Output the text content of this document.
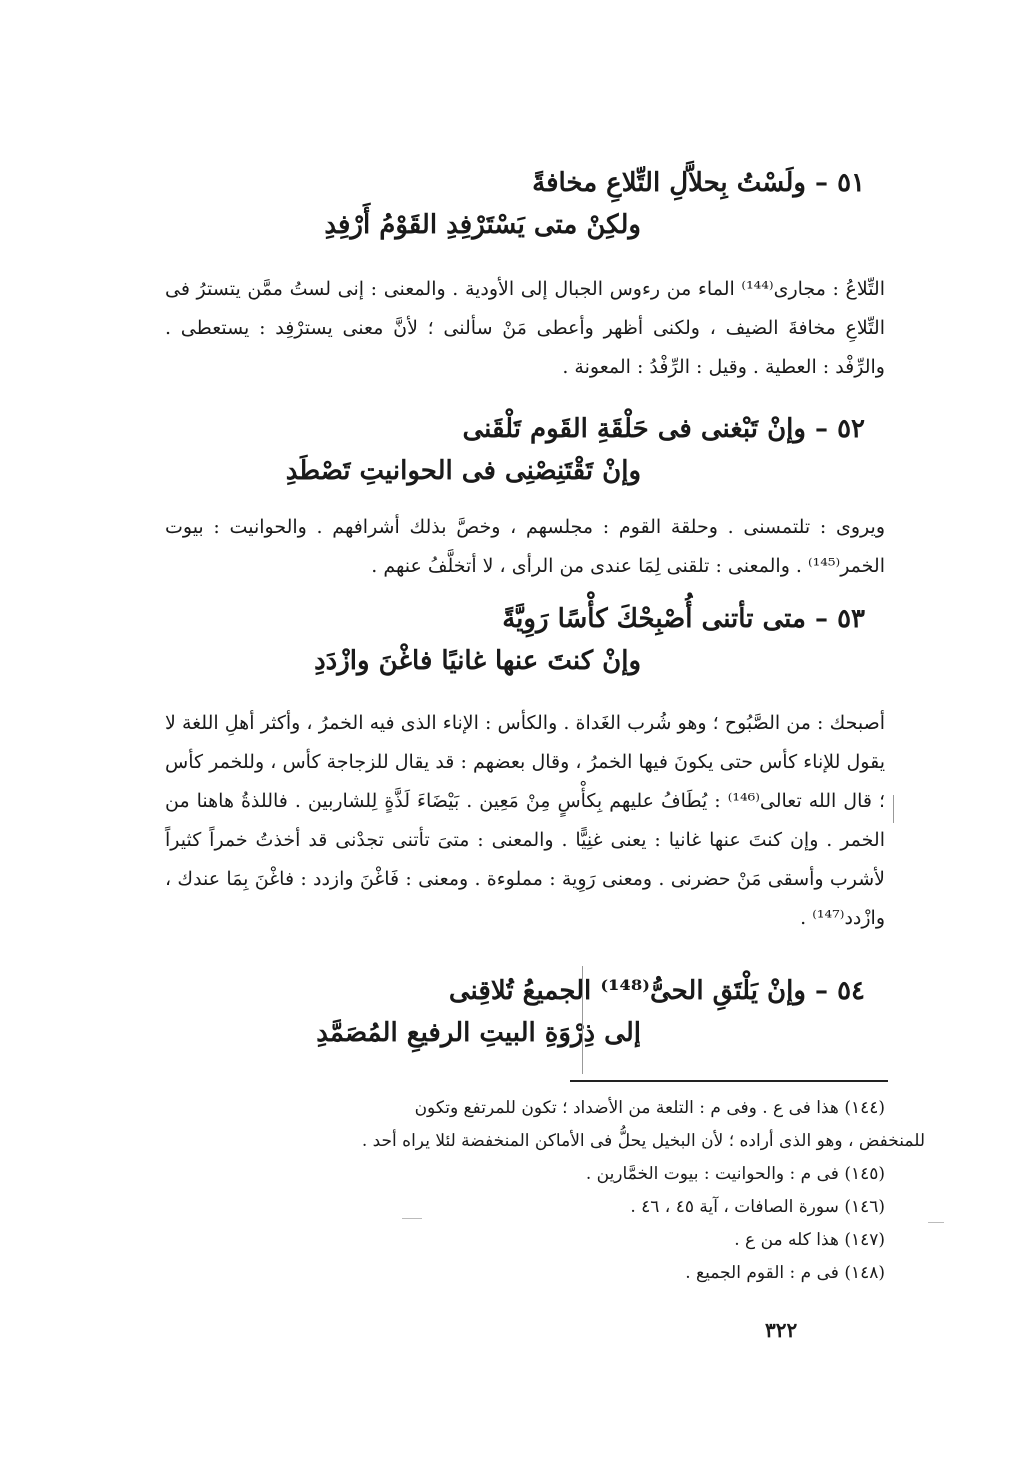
٥١ – ولَسْتُ بِحلاَّلِ التِّلاعِ مخافةً
ولكِنْ متى يَسْتَرْفِدِ القَوْمُ أَرْفِدِ
التِّلاعُ : مجارى⁽¹⁴⁴⁾ الماء من رءوس الجبال إلى الأودية . والمعنى : إنى لستُ ممَّن يتسترُ فى التِّلاعِ مخافةَ الضيف ، ولكنى أظهر وأعطى مَنْ سألنى ؛ لأنَّ معنى يسترْفِد : يستعطى . والرِّفْد : العطية . وقيل : الرِّفْدُ : المعونة .
٥٢ – وإنْ تَبْغنى فى حَلْقَةِ القَوم تَلْقَنى
وإنْ تَقْتَنِصْنِى فى الحوانيتِ تَصْطَدِ
ويروى : تلتمسنى . وحلقة القوم : مجلسهم ، وخصَّ بذلك أشرافهم . والحوانيت : بيوت الخمر⁽¹⁴⁵⁾ . والمعنى : تلقنى لِمَا عندى من الرأى ، لا أتخلَّفُ عنهم .
٥٣ – متى تأتنى أُصْبِحْكَ كأْسًا رَوِيَّةً
وإنْ كنتَ عنها غانيًا فاغْنَ وازْدَدِ
أصبحك : من الصَّبُوح ؛ وهو شُرب الغَداة . والكأس : الإناء الذى فيه الخمرُ ، وأكثر أهلِ اللغة لا يقول للإناء كأس حتى يكونَ فيها الخمرُ ، وقال بعضهم : قد يقال للزجاجة كأس ، وللخمر كأس ؛ قال الله تعالى⁽¹⁴⁶⁾ : يُطَافُ عليهم بِكأْسٍ مِنْ مَعِين . بَيْضَاءَ لَذَّةٍ لِلشاربين . فاللذةُ هاهنا من الخمر . وإن كنتَ عنها غانيا : يعنى غنِيًّا . والمعنى : متىَ تأتنى تجدْنى قد أخذتُ خمراً كثيراً لأشرب وأسقى مَنْ حضرنى . ومعنى رَوِية : مملوءة . ومعنى : فَاغْنَ وازدد : فاغْنَ بِمَا عندك ، وازْدد⁽¹⁴⁷⁾ .
٥٤ – وإنْ يَلْتَقِ الحىُّ⁽¹⁴⁸⁾ الجميعُ تُلاقِنى
إلى ذِرْوَةِ البيتِ الرفيعِ المُصَمَّدِ

(١٤٤) هذا فى ع . وفى م : التلعة من الأضداد ؛ تكون للمرتفع وتكون

للمنخفض ، وهو الذى أراده ؛ لأن البخيل يحلُّ فى الأماكن المنخفضة لئلا يراه أحد .

(١٤٥) فى م : والحوانيت : بيوت الخمَّارين .

(١٤٦) سورة الصافات ، آية ٤٥ ، ٤٦ .

(١٤٧) هذا كله من ع .

(١٤٨) فى م : القوم الجميع .

٣٢٢
